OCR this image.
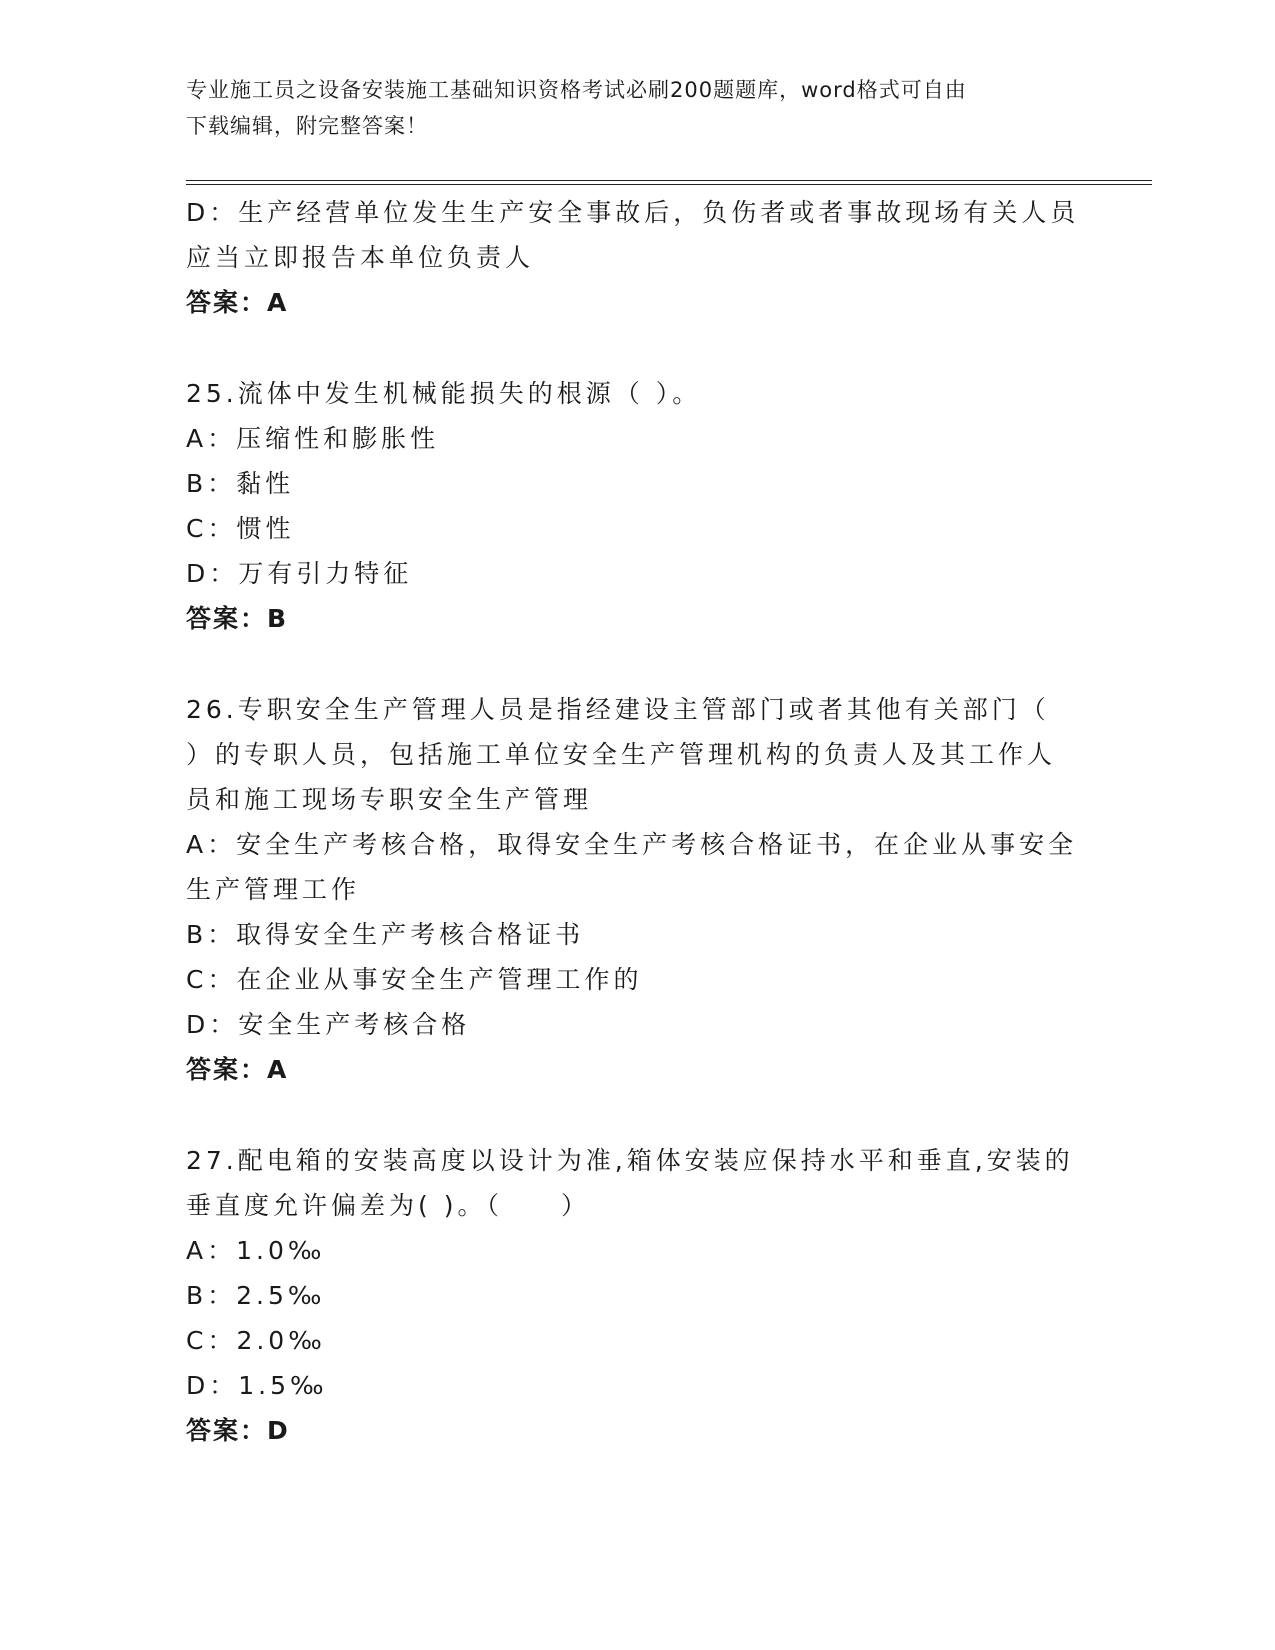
专业施工员之设备安装施工基础知识资格考试必刷200题题库，word格式可自由
下载编辑，附完整答案！
D：生产经营单位发生生产安全事故后，负伤者或者事故现场有关人员
应当立即报告本单位负责人
答案：A
25.流体中发生机械能损失的根源（ ）。
A：压缩性和膨胀性
B：黏性
C：惯性
D：万有引力特征
答案：B
26.专职安全生产管理人员是指经建设主管部门或者其他有关部门（
）的专职人员，包括施工单位安全生产管理机构的负责人及其工作人
员和施工现场专职安全生产管理
A：安全生产考核合格，取得安全生产考核合格证书，在企业从事安全
生产管理工作
B：取得安全生产考核合格证书
C：在企业从事安全生产管理工作的
D：安全生产考核合格
答案：A
27.配电箱的安装高度以设计为准,箱体安装应保持水平和垂直,安装的
垂直度允许偏差为( )。（　　）
A：1.0‰
B：2.5‰
C：2.0‰
D：1.5‰
答案：D
